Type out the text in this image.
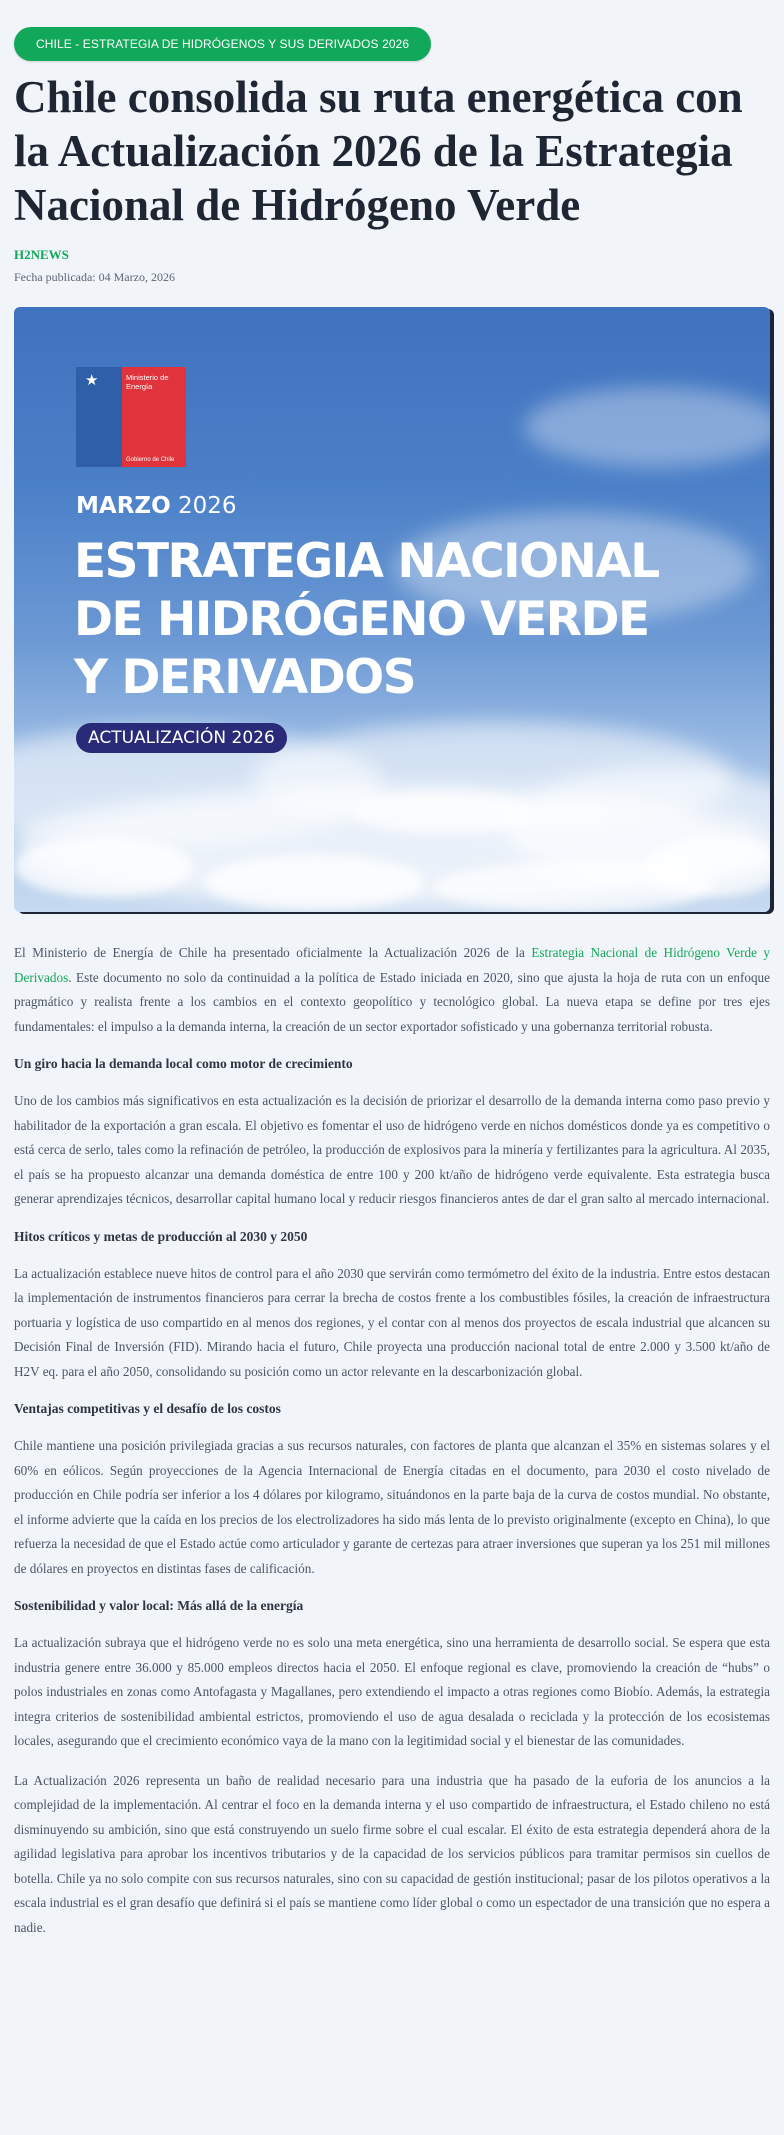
CHILE - ESTRATEGIA DE HIDRÓGENOS Y SUS DERIVADOS 2026
Chile consolida su ruta energética con la Actualización 2026 de la Estrategia Nacional de Hidrógeno Verde
H2NEWS
Fecha publicada: 04 Marzo, 2026
★	Ministerio de Energía
Gobierno de Chile
MARZO 2026
ESTRATEGIA NACIONAL
DE HIDRÓGENO VERDE
Y DERIVADOS
ACTUALIZACIÓN 2026

El Ministerio de Energía de Chile ha presentado oficialmente la Actualización 2026 de la Estrategia Nacional de Hidrógeno Verde y Derivados. Este documento no solo da continuidad a la política de Estado iniciada en 2020, sino que ajusta la hoja de ruta con un enfoque pragmático y realista frente a los cambios en el contexto geopolítico y tecnológico global. La nueva etapa se define por tres ejes fundamentales: el impulso a la demanda interna, la creación de un sector exportador sofisticado y una gobernanza territorial robusta.

Un giro hacia la demanda local como motor de crecimiento

Uno de los cambios más significativos en esta actualización es la decisión de priorizar el desarrollo de la demanda interna como paso previo y habilitador de la exportación a gran escala. El objetivo es fomentar el uso de hidrógeno verde en nichos domésticos donde ya es competitivo o está cerca de serlo, tales como la refinación de petróleo, la producción de explosivos para la minería y fertilizantes para la agricultura. Al 2035, el país se ha propuesto alcanzar una demanda doméstica de entre 100 y 200 kt/año de hidrógeno verde equivalente. Esta estrategia busca generar aprendizajes técnicos, desarrollar capital humano local y reducir riesgos financieros antes de dar el gran salto al mercado internacional.

Hitos críticos y metas de producción al 2030 y 2050

La actualización establece nueve hitos de control para el año 2030 que servirán como termómetro del éxito de la industria. Entre estos destacan la implementación de instrumentos financieros para cerrar la brecha de costos frente a los combustibles fósiles, la creación de infraestructura portuaria y logística de uso compartido en al menos dos regiones, y el contar con al menos dos proyectos de escala industrial que alcancen su Decisión Final de Inversión (FID). Mirando hacia el futuro, Chile proyecta una producción nacional total de entre 2.000 y 3.500 kt/año de H2V eq. para el año 2050, consolidando su posición como un actor relevante en la descarbonización global.

Ventajas competitivas y el desafío de los costos

Chile mantiene una posición privilegiada gracias a sus recursos naturales, con factores de planta que alcanzan el 35% en sistemas solares y el 60% en eólicos. Según proyecciones de la Agencia Internacional de Energía citadas en el documento, para 2030 el costo nivelado de producción en Chile podría ser inferior a los 4 dólares por kilogramo, situándonos en la parte baja de la curva de costos mundial. No obstante, el informe advierte que la caída en los precios de los electrolizadores ha sido más lenta de lo previsto originalmente (excepto en China), lo que refuerza la necesidad de que el Estado actúe como articulador y garante de certezas para atraer inversiones que superan ya los 251 mil millones de dólares en proyectos en distintas fases de calificación.

Sostenibilidad y valor local: Más allá de la energía

La actualización subraya que el hidrógeno verde no es solo una meta energética, sino una herramienta de desarrollo social. Se espera que esta industria genere entre 36.000 y 85.000 empleos directos hacia el 2050. El enfoque regional es clave, promoviendo la creación de “hubs” o polos industriales en zonas como Antofagasta y Magallanes, pero extendiendo el impacto a otras regiones como Biobío. Además, la estrategia integra criterios de sostenibilidad ambiental estrictos, promoviendo el uso de agua desalada o reciclada y la protección de los ecosistemas locales, asegurando que el crecimiento económico vaya de la mano con la legitimidad social y el bienestar de las comunidades.

La Actualización 2026 representa un baño de realidad necesario para una industria que ha pasado de la euforia de los anuncios a la complejidad de la implementación. Al centrar el foco en la demanda interna y el uso compartido de infraestructura, el Estado chileno no está disminuyendo su ambición, sino que está construyendo un suelo firme sobre el cual escalar. El éxito de esta estrategia dependerá ahora de la agilidad legislativa para aprobar los incentivos tributarios y de la capacidad de los servicios públicos para tramitar permisos sin cuellos de botella. Chile ya no solo compite con sus recursos naturales, sino con su capacidad de gestión institucional; pasar de los pilotos operativos a la escala industrial es el gran desafío que definirá si el país se mantiene como líder global o como un espectador de una transición que no espera a nadie.
